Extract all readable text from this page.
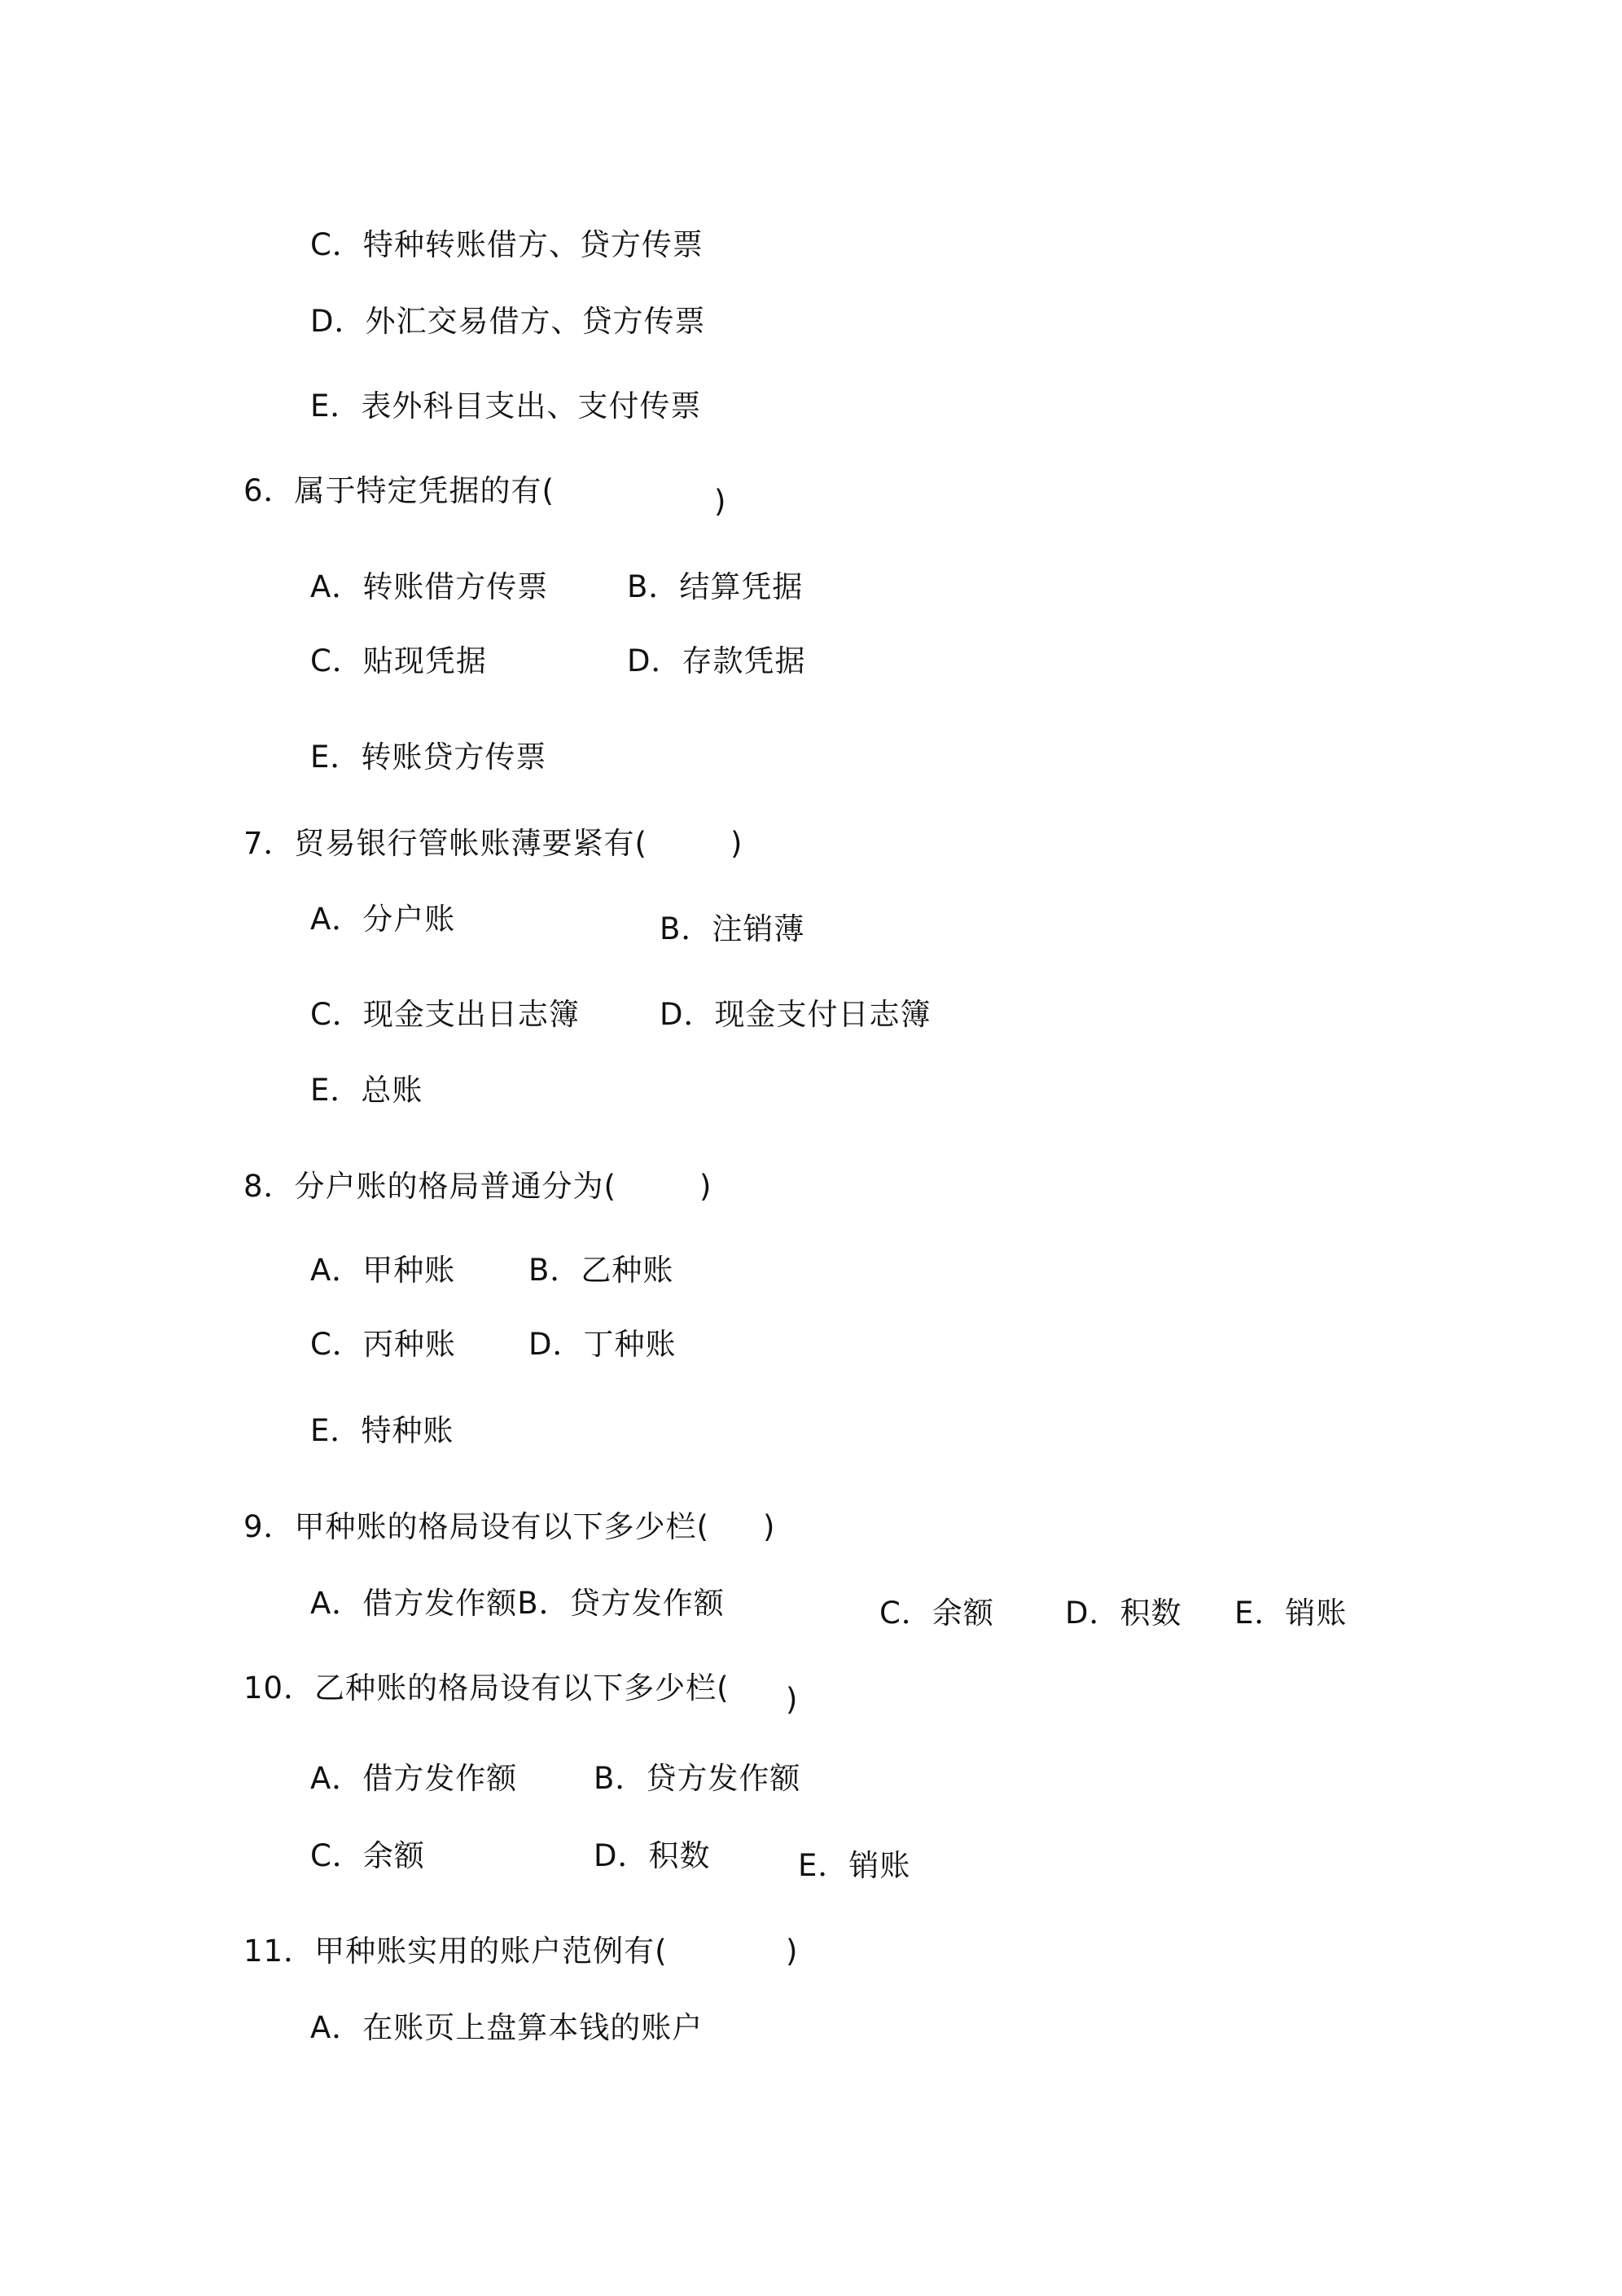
C．特种转账借方、贷方传票
D．外汇交易借方、贷方传票
E．表外科目支出、支付传票
6．属于特定凭据的有(	)
A．转账借方传票	B．结算凭据
C．贴现凭据	D．存款凭据
E．转账贷方传票
7．贸易银行管帐账薄要紧有(	)
A．分户账	B．注销薄
C．现金支出日志簿	D．现金支付日志簿
E．总账
8．分户账的格局普通分为(	)
A．甲种账 B．乙种账
C．丙种账 D．丁种账
E．特种账
9．甲种账的格局设有以下多少栏( )
A．借方发作额B．贷方发作额	C．余额 D．积数 E．销账
10．乙种账的格局设有以下多少栏( )
A．借方发作额	B．贷方发作额
C．余额	D．积数	E．销账
11．甲种账实用的账户范例有(	)
A．在账页上盘算本钱的账户
